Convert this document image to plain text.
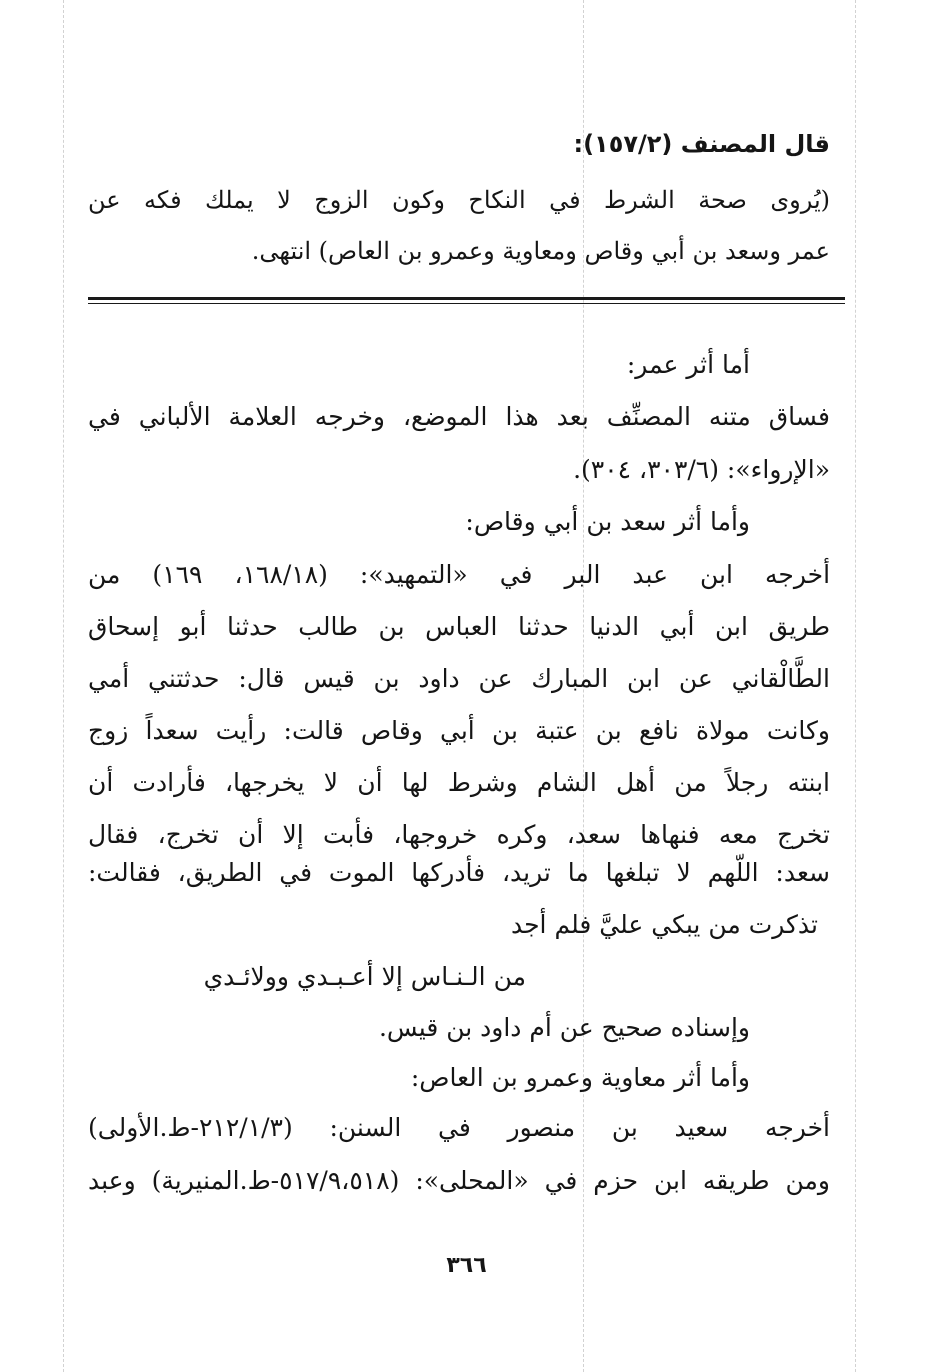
قال المصنف (١٥٧/٢):
(يُروى صحة الشرط في النكاح وكون الزوج لا يملك فكه عن
عمر وسعد بن أبي وقاص ومعاوية وعمرو بن العاص) انتهى.
أما أثر عمر:
فساق متنه المصنِّف بعد هذا الموضع، وخرجه العلامة الألباني في
«الإرواء»: (٣٠٣/٦، ٣٠٤).
وأما أثر سعد بن أبي وقاص:
أخرجه ابن عبد البر في «التمهيد»: (١٦٨/١٨، ١٦٩) من
طريق ابن أبي الدنيا حدثنا العباس بن طالب حدثنا أبو إسحاق
الطَّالْقاني عن ابن المبارك عن داود بن قيس قال: حدثتني أمي
وكانت مولاة نافع بن عتبة بن أبي وقاص قالت: رأيت سعداً زوج
ابنته رجلاً من أهل الشام وشرط لها أن لا يخرجها، فأرادت أن
تخرج معه فنهاها سعد، وكره خروجها، فأبت إلا أن تخرج، فقال
سعد: اللّهم لا تبلغها ما تريد، فأدركها الموت في الطريق، فقالت:
تذكرت من يبكي عليَّ فلم أجد
من الـنـاس إلا أعـبـدي وولائـدي
وإسناده صحيح عن أم داود بن قيس.
وأما أثر معاوية وعمرو بن العاص:
أخرجه سعيد بن منصور في السنن: (٢١٢/١/٣-ط.الأولى)
ومن طريقه ابن حزم في «المحلى»: (٥١٧/٩،٥١٨-ط.المنيرية) وعبد
٣٦٦
